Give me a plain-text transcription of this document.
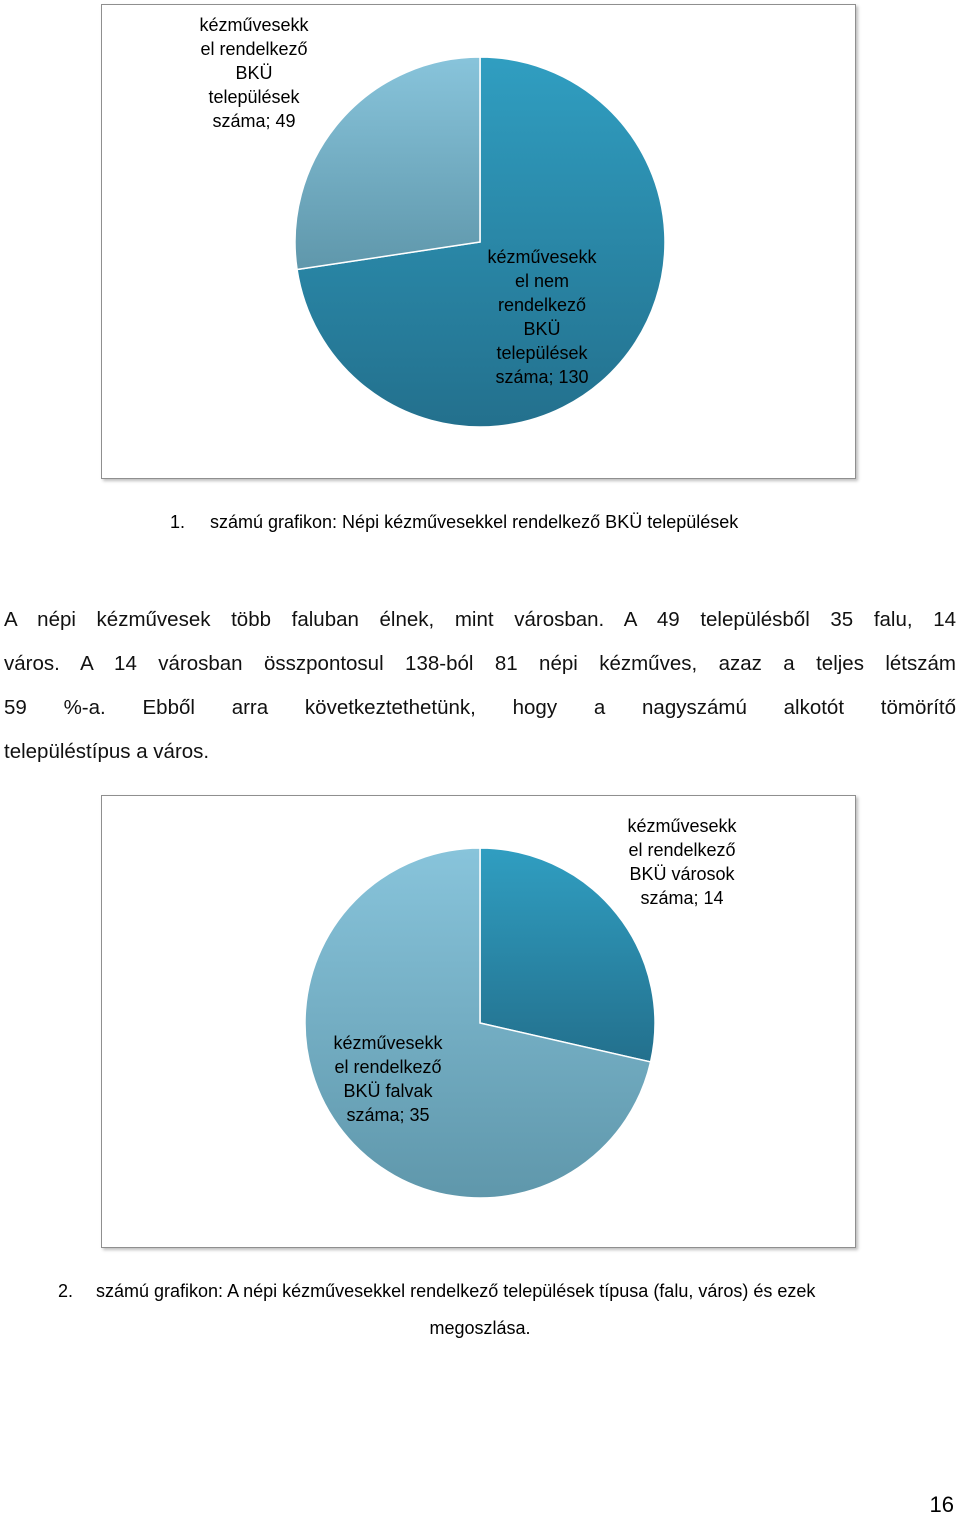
kézművesekk
el nem
rendelkező
BKÜ
települések
száma; 130
kézművesekk
el rendelkező
BKÜ
települések
száma; 49
1. számú grafikon: Népi kézművesekkel rendelkező BKÜ települések
A népi kézművesek több faluban élnek, mint városban. A 49 településből 35 falu, 14
város. A 14 városban összpontosul 138-ból 81 népi kézműves, azaz a teljes létszám
59 %-a. Ebből arra következtethetünk, hogy a nagyszámú alkotót tömörítő
településtípus a város.
kézművesekk
el rendelkező
BKÜ városok
száma; 14
kézművesekk
el rendelkező
BKÜ falvak
száma; 35
2. számú grafikon: A népi kézművesekkel rendelkező települések típusa (falu, város) és ezek
megoszlása.
16
